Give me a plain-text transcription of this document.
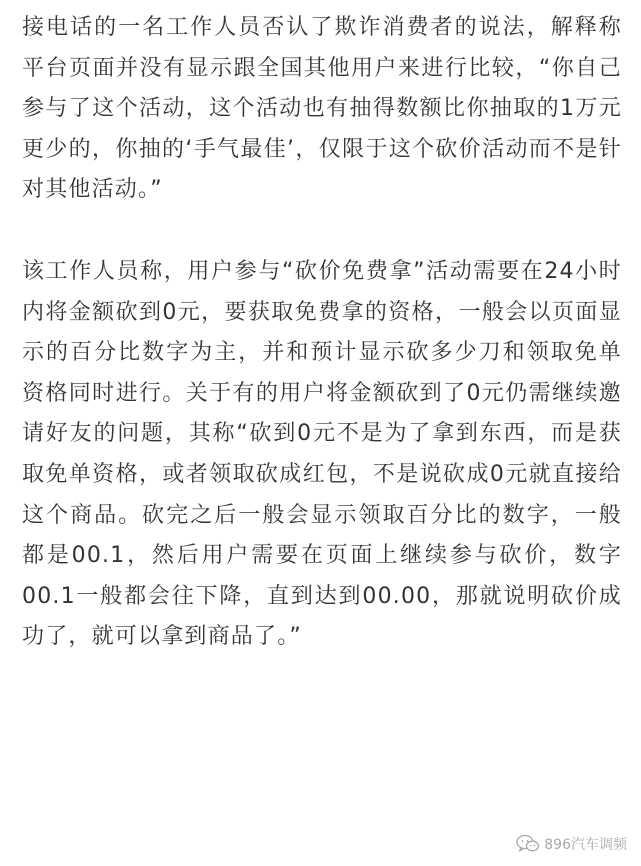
接电话的一名工作人员否认了欺诈消费者的说法，解释称平台页面并没有显示跟全国其他用户来进行比较，“你自己参与了这个活动，这个活动也有抽得数额比你抽取的1万元更少的，你抽的‘手气最佳’，仅限于这个砍价活动而不是针对其他活动。”

该工作人员称，用户参与“砍价免费拿”活动需要在24小时内将金额砍到0元，要获取免费拿的资格，一般会以页面显示的百分比数字为主，并和预计显示砍多少刀和领取免单资格同时进行。关于有的用户将金额砍到了0元仍需继续邀请好友的问题，其称“砍到0元不是为了拿到东西，而是获取免单资格，或者领取砍成红包，不是说砍成0元就直接给这个商品。砍完之后一般会显示领取百分比的数字，一般都是00.1，然后用户需要在页面上继续参与砍价，数字00.1一般都会往下降，直到达到00.00，那就说明砍价成功了，就可以拿到商品了。”

896汽车调频
